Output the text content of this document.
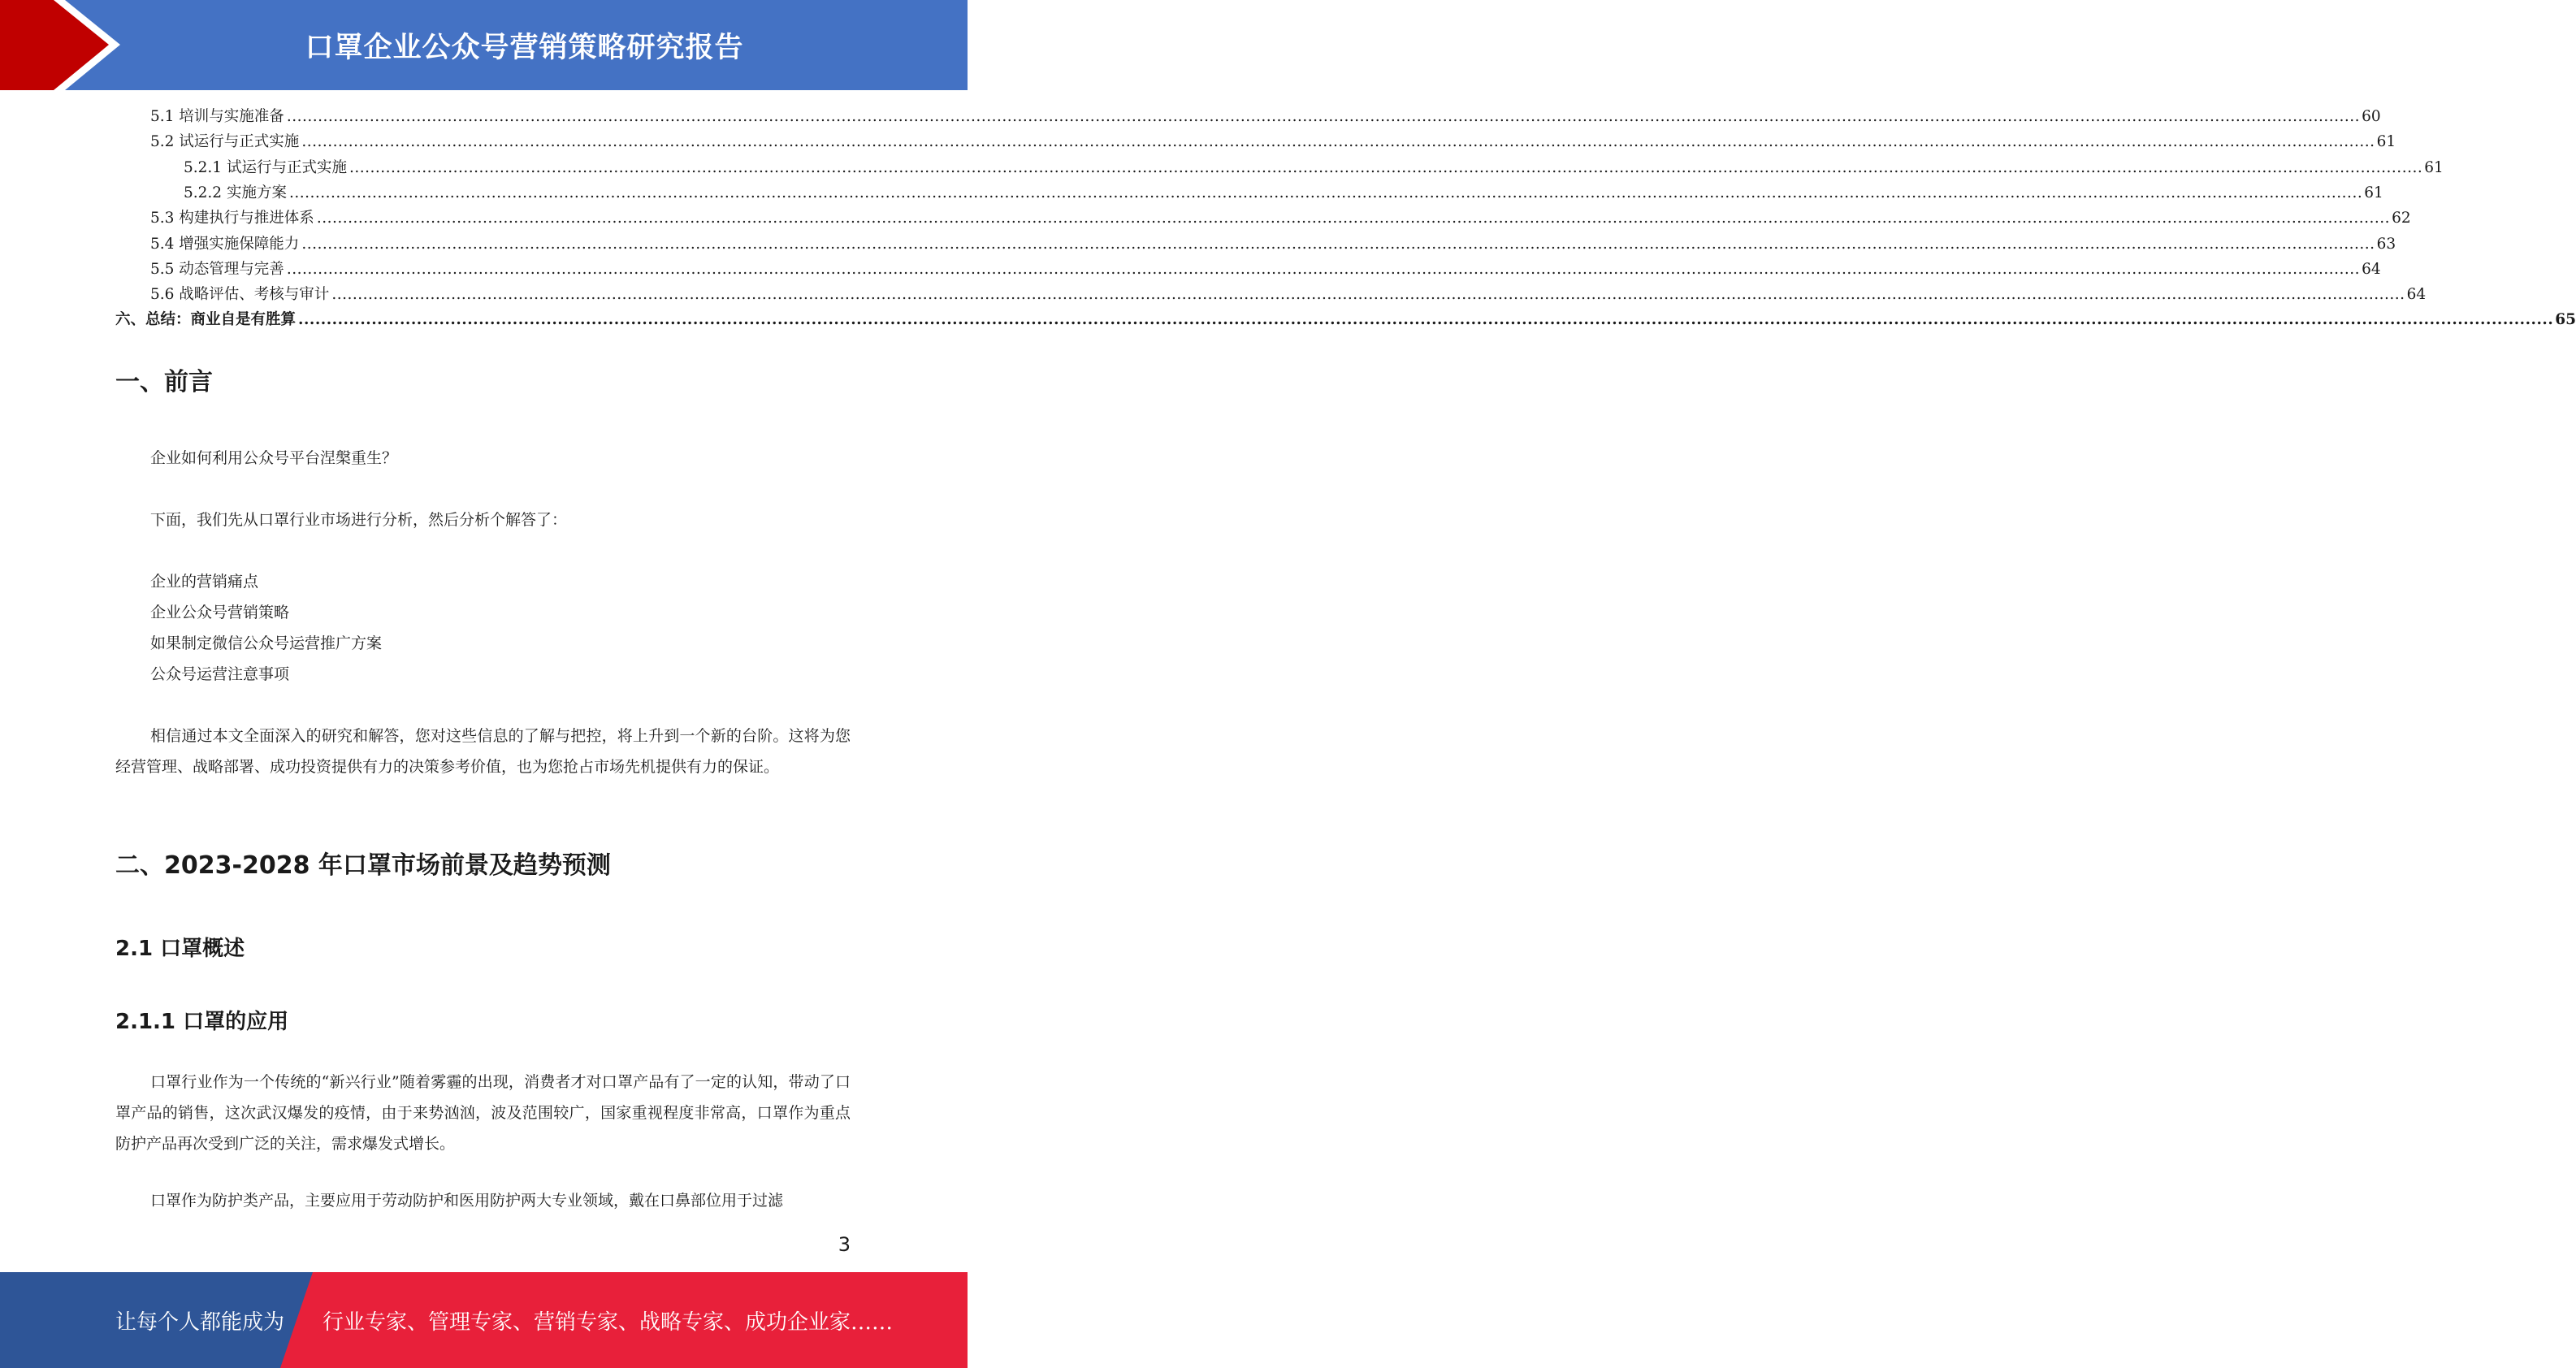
口罩企业公众号营销策略研究报告
5.1 培训与实施准备 ................................................................................................................................................................................................................................................................................................................................................................................................................ 60
5.2 试运行与正式实施 ................................................................................................................................................................................................................................................................................................................................................................................................................ 61
5.2.1 试运行与正式实施 ................................................................................................................................................................................................................................................................................................................................................................................................................ 61
5.2.2 实施方案 ................................................................................................................................................................................................................................................................................................................................................................................................................ 61
5.3 构建执行与推进体系 ................................................................................................................................................................................................................................................................................................................................................................................................................ 62
5.4 增强实施保障能力 ................................................................................................................................................................................................................................................................................................................................................................................................................ 63
5.5 动态管理与完善 ................................................................................................................................................................................................................................................................................................................................................................................................................ 64
5.6 战略评估、考核与审计 ................................................................................................................................................................................................................................................................................................................................................................................................................ 64
六、总结：商业自是有胜算 ................................................................................................................................................................................................................................................................................................................................................................................................................ 65
一、前言
企业如何利用公众号平台涅槃重生？
下面，我们先从口罩行业市场进行分析，然后分析个解答了：
企业的营销痛点
企业公众号营销策略
如果制定微信公众号运营推广方案
公众号运营注意事项
相信通过本文全面深入的研究和解答，您对这些信息的了解与把控，将上升到一个新的台阶。这将为您经营管理、战略部署、成功投资提供有力的决策参考价值，也为您抢占市场先机提供有力的保证。
二、2023-2028 年口罩市场前景及趋势预测
2.1 口罩概述
2.1.1 口罩的应用
口罩行业作为一个传统的“新兴行业”随着雾霾的出现，消费者才对口罩产品有了一定的认知，带动了口罩产品的销售，这次武汉爆发的疫情，由于来势汹汹，波及范围较广，国家重视程度非常高，口罩作为重点防护产品再次受到广泛的关注，需求爆发式增长。
口罩作为防护类产品，主要应用于劳动防护和医用防护两大专业领域，戴在口鼻部位用于过滤
3
让每个人都能成为 行业专家、管理专家、营销专家、战略专家、成功企业家……
